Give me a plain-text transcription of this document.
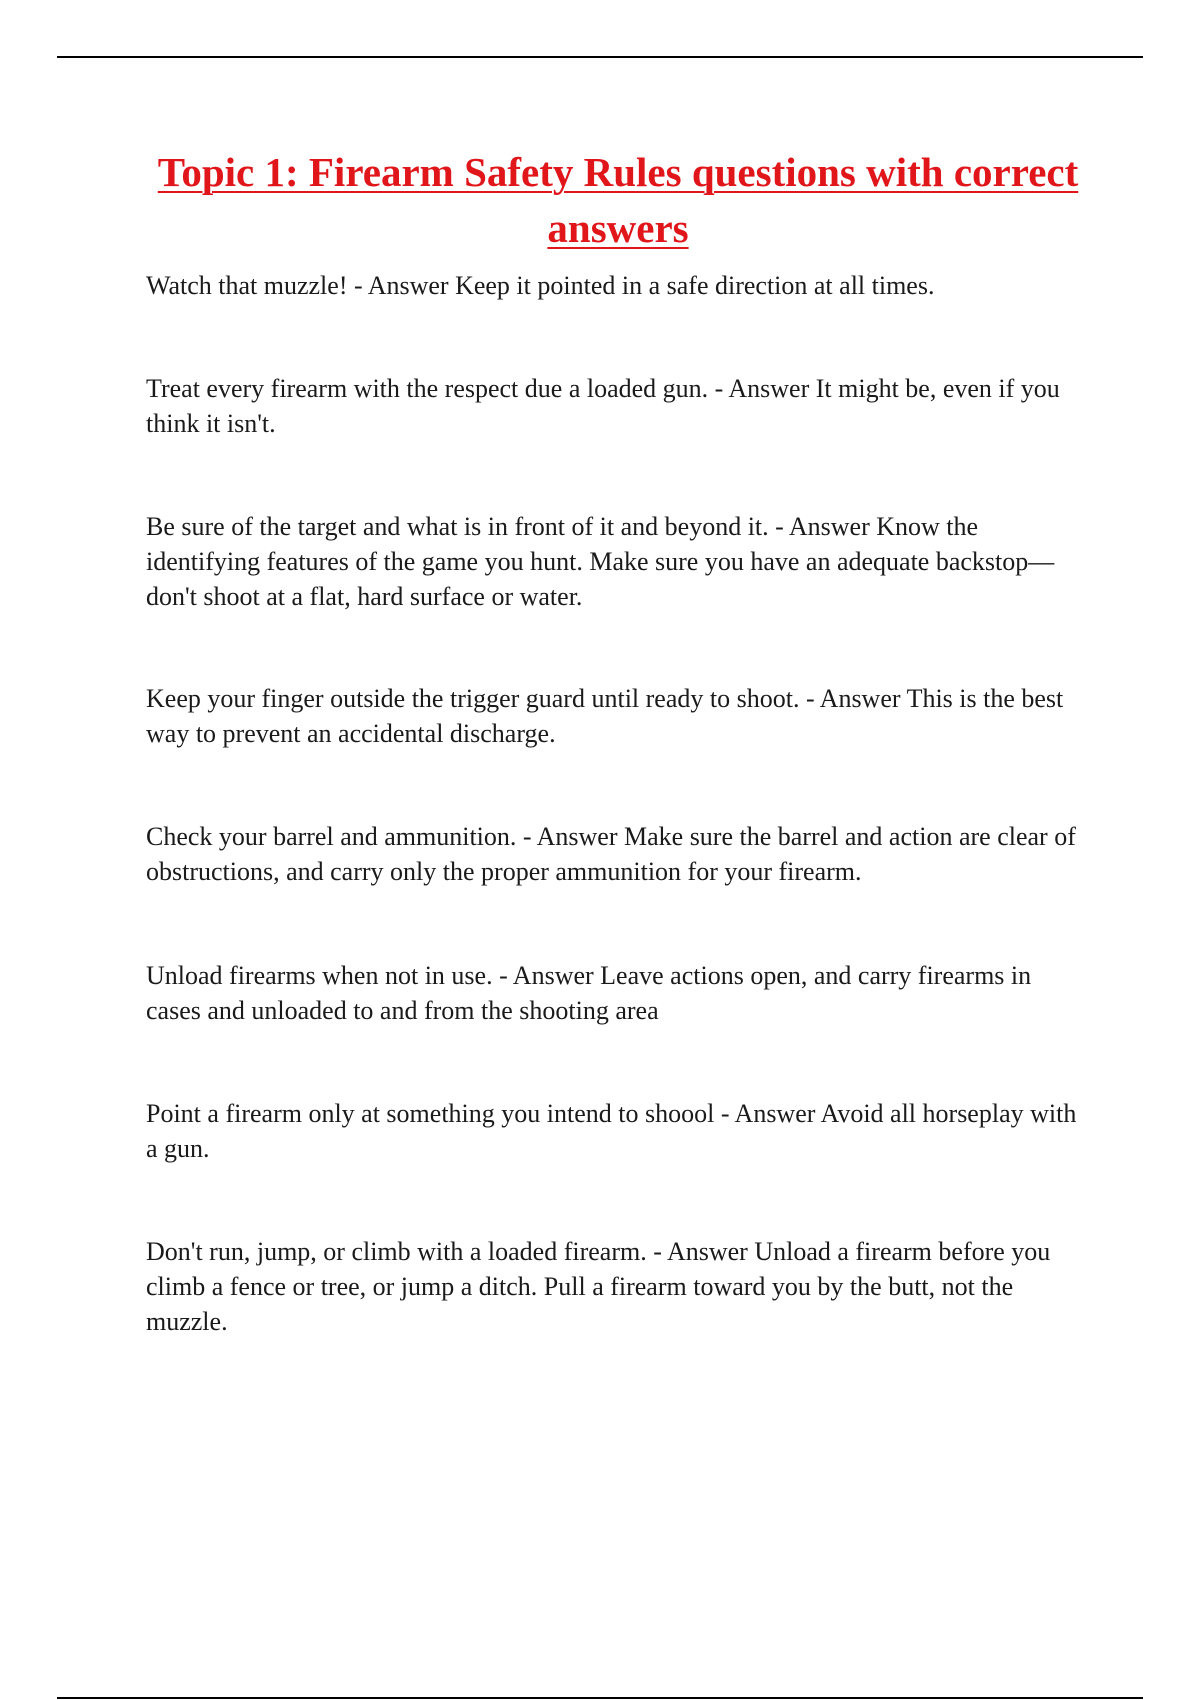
Topic 1: Firearm Safety Rules questions with correct answers

Watch that muzzle! - Answer Keep it pointed in a safe direction at all times.

Treat every firearm with the respect due a loaded gun. - Answer It might be, even if you think it isn't.

Be sure of the target and what is in front of it and beyond it. - Answer Know the identifying features of the game you hunt. Make sure you have an adequate backstop—don't shoot at a flat, hard surface or water.

Keep your finger outside the trigger guard until ready to shoot. - Answer This is the best way to prevent an accidental discharge.

Check your barrel and ammunition. - Answer Make sure the barrel and action are clear of obstructions, and carry only the proper ammunition for your firearm.

Unload firearms when not in use. - Answer Leave actions open, and carry firearms in cases and unloaded to and from the shooting area

Point a firearm only at something you intend to shoool - Answer Avoid all horseplay with a gun.

Don't run, jump, or climb with a loaded firearm. - Answer Unload a firearm before you climb a fence or tree, or jump a ditch. Pull a firearm toward you by the butt, not the muzzle.
